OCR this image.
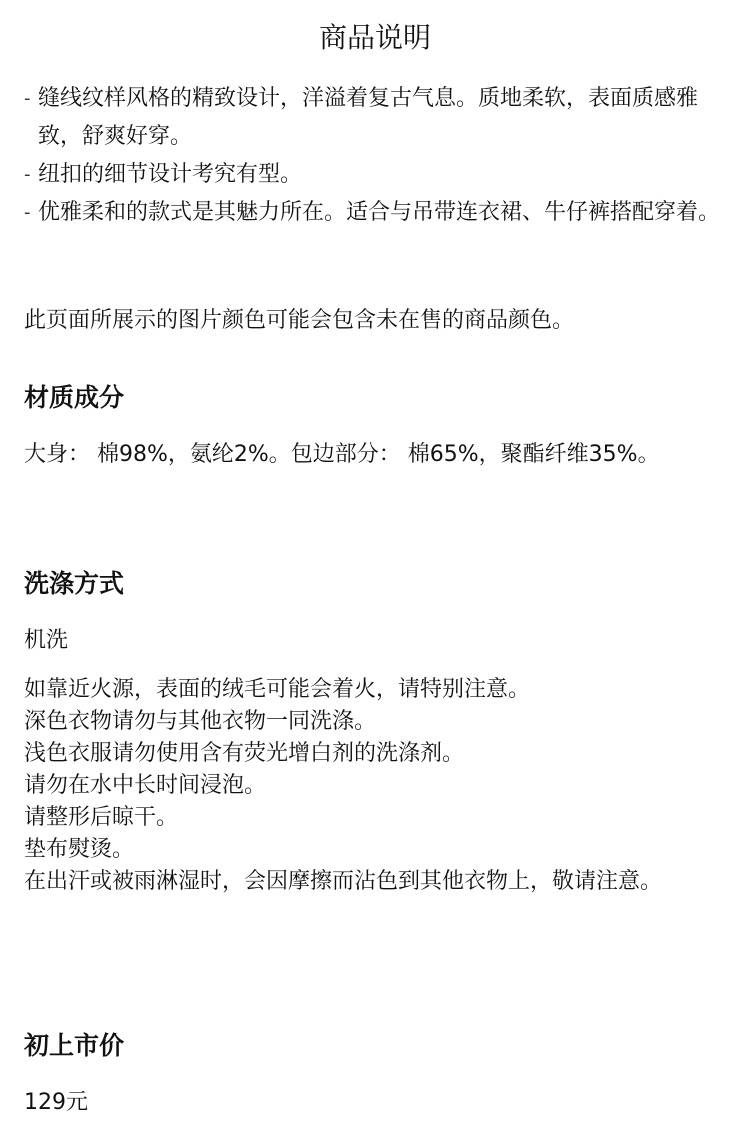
商品说明
- 缝线纹样风格的精致设计，洋溢着复古气息。质地柔软，表面质感雅致，舒爽好穿。
- 纽扣的细节设计考究有型。
- 优雅柔和的款式是其魅力所在。适合与吊带连衣裙、牛仔裤搭配穿着。
此页面所展示的图片颜色可能会包含未在售的商品颜色。
材质成分
大身： 棉98%，氨纶2%。包边部分： 棉65%，聚酯纤维35%。
洗涤方式
机洗
如靠近火源，表面的绒毛可能会着火，请特别注意。
深色衣物请勿与其他衣物一同洗涤。
浅色衣服请勿使用含有荧光增白剂的洗涤剂。
请勿在水中长时间浸泡。
请整形后晾干。
垫布熨烫。
在出汗或被雨淋湿时，会因摩擦而沾色到其他衣物上，敬请注意。
初上市价
129元
